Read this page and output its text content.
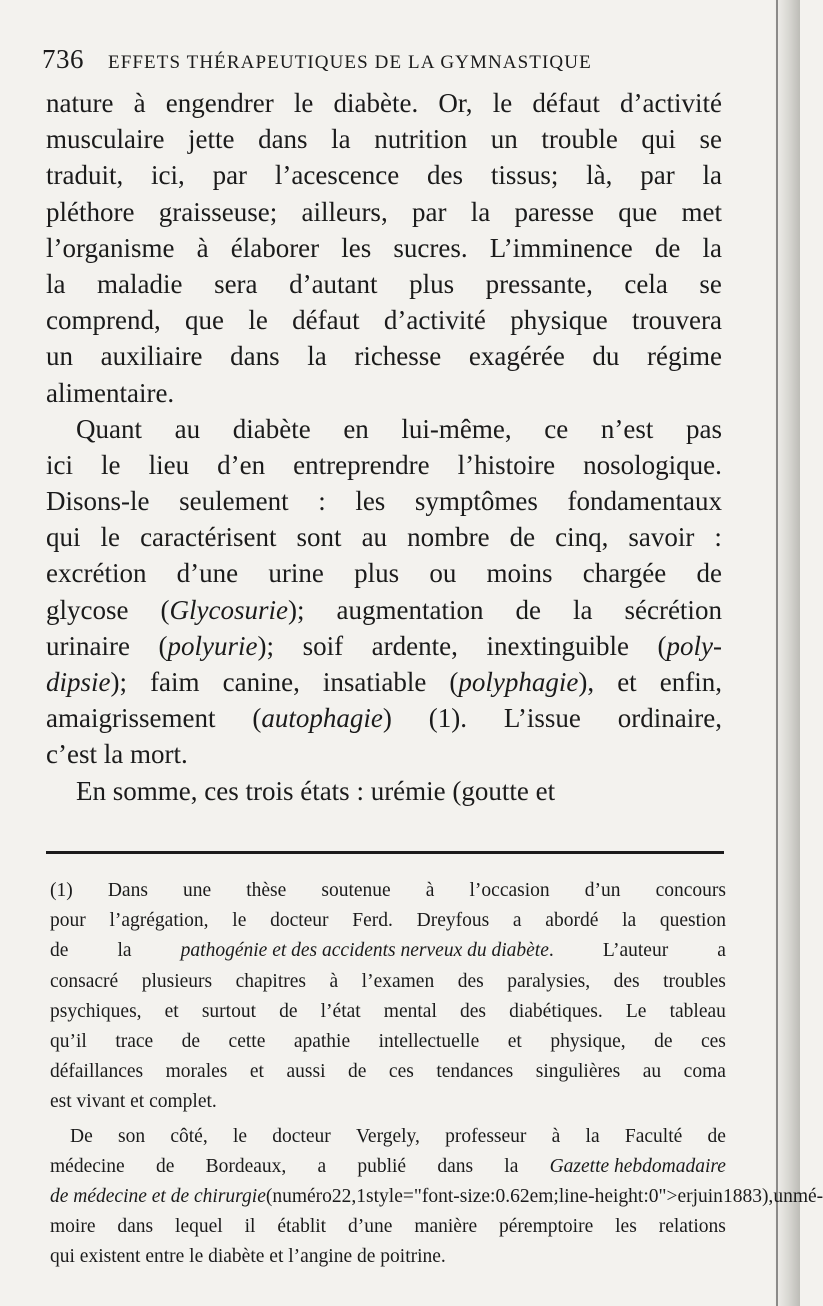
736 EFFETS THÉRAPEUTIQUES DE LA GYMNASTIQUE
nature à engendrer le diabète. Or, le défaut d’activité
musculaire jette dans la nutrition un trouble qui se
traduit, ici, par l’acescence des tissus; là, par la
pléthore graisseuse; ailleurs, par la paresse que met
l’organisme à élaborer les sucres. L’imminence de la
la maladie sera d’autant plus pressante, cela se
comprend, que le défaut d’activité physique trouvera
un auxiliaire dans la richesse exagérée du régime
alimentaire.
Quant au diabète en lui-même, ce n’est pas
ici le lieu d’en entreprendre l’histoire nosologique.
Disons-le seulement : les symptômes fondamentaux
qui le caractérisent sont au nombre de cinq, savoir :
excrétion d’une urine plus ou moins chargée de
glycose (Glycosurie); augmentation de la sécrétion
urinaire (polyurie); soif ardente, inextinguible (poly-
dipsie); faim canine, insatiable (polyphagie), et enfin,
amaigrissement (autophagie) (1). L’issue ordinaire,
c’est la mort.
En somme, ces trois états : urémie (goutte et
(1) Dans une thèse soutenue à l’occasion d’un concours
pour l’agrégation, le docteur Ferd. Dreyfous a abordé la question
de	la	pathogénie et des accidents nerveux du diabète.	L’auteur	a
consacré plusieurs chapitres à l’examen des paralysies, des troubles
psychiques, et surtout de l’état mental des diabétiques. Le tableau
qu’il trace de cette apathie intellectuelle et physique, de ces
défaillances morales et aussi de ces tendances singulières au coma
est vivant et complet.
De son côté, le docteur Vergely, professeur à la Faculté de
médecine de Bordeaux, a publié dans la Gazette hebdomadaire
de médecine et de chirurgie (numéro 22, 1 style="font-size:0.62em;line-height:0">er juin 1883), un mé-
moire dans lequel il établit d’une manière péremptoire les relations
qui existent entre le diabète et l’angine de poitrine.
